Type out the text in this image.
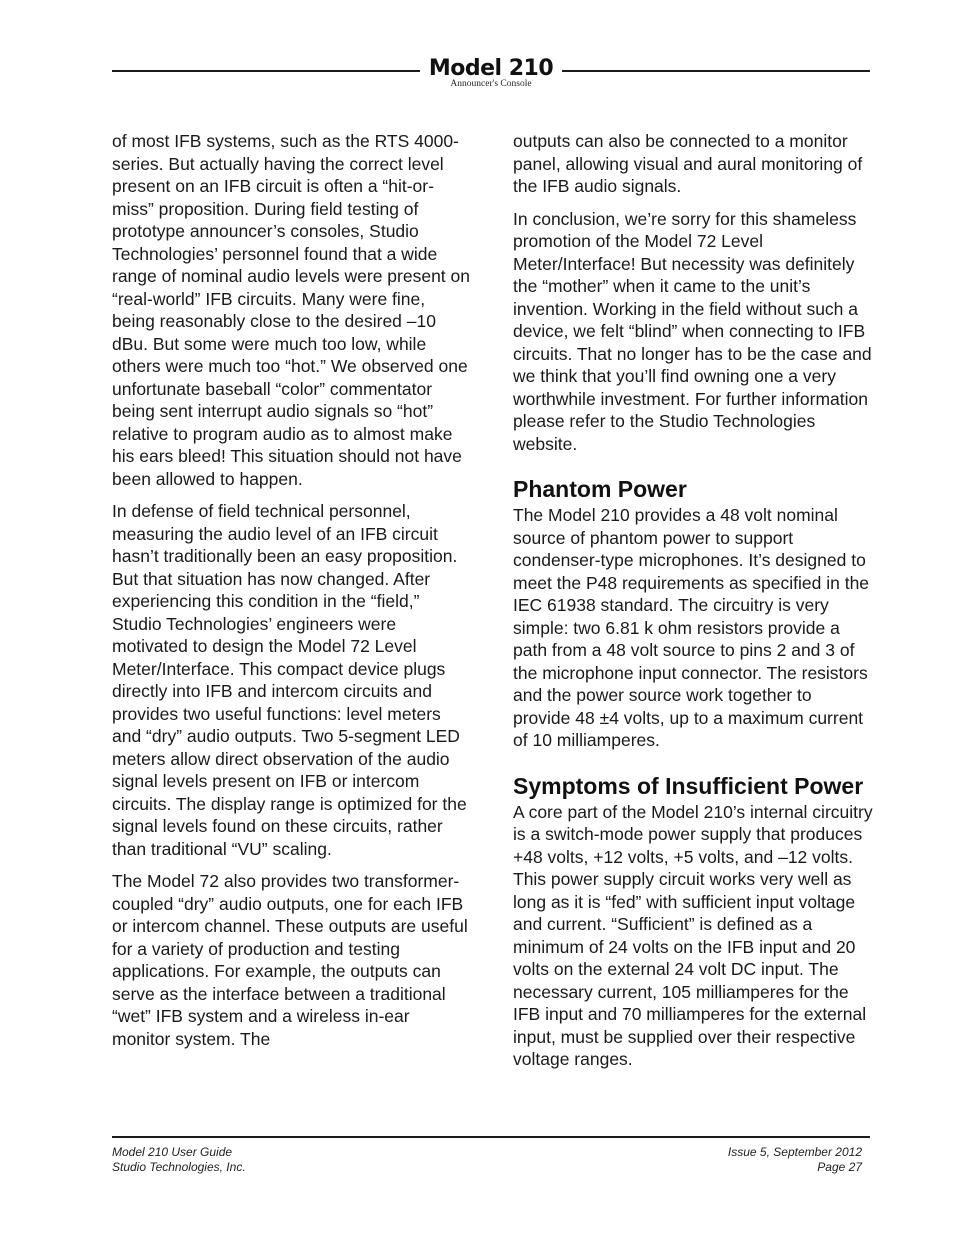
Model 210
Announcer's Console

of most IFB systems, such as the RTS 4000-series. But actually having the correct level present on an IFB circuit is often a “hit-or-miss” proposition. During field testing of prototype announcer’s consoles, Studio Technologies’ personnel found that a wide range of nominal audio levels were present on “real-world” IFB circuits. Many were fine, being reasonably close to the desired –10 dBu. But some were much too low, while others were much too “hot.” We observed one unfortunate baseball “color” commentator being sent interrupt audio signals so “hot” relative to program audio as to almost make his ears bleed! This situation should not have been allowed to happen.

In defense of field technical personnel, measuring the audio level of an IFB circuit hasn’t traditionally been an easy proposition. But that situation has now changed. After experiencing this condition in the “field,” Studio Technologies’ engineers were motivated to design the Model 72 Level Meter/Interface. This compact device plugs directly into IFB and intercom circuits and provides two useful functions: level meters and “dry” audio outputs. Two 5-segment LED meters allow direct observation of the audio signal levels present on IFB or intercom circuits. The display range is optimized for the signal levels found on these circuits, rather than traditional “VU” scaling.

The Model 72 also provides two transformer-coupled “dry” audio outputs, one for each IFB or intercom channel. These outputs are useful for a variety of production and testing applications. For example, the outputs can serve as the interface between a traditional “wet” IFB system and a wireless in-ear monitor system. The

outputs can also be connected to a monitor panel, allowing visual and aural monitoring of the IFB audio signals.

In conclusion, we’re sorry for this shameless promotion of the Model 72 Level Meter/Interface! But necessity was definitely the “mother” when it came to the unit’s invention. Working in the field without such a device, we felt “blind” when connecting to IFB circuits. That no longer has to be the case and we think that you’ll find owning one a very worthwhile investment. For further information please refer to the Studio Technologies website.

Phantom Power

The Model 210 provides a 48 volt nominal source of phantom power to support condenser-type microphones. It’s designed to meet the P48 requirements as specified in the IEC 61938 standard. The circuitry is very simple: two 6.81 k ohm resistors provide a path from a 48 volt source to pins 2 and 3 of the microphone input connector. The resistors and the power source work together to provide 48 ±4 volts, up to a maximum current of 10 milliamperes.

Symptoms of Insufficient Power

A core part of the Model 210’s internal circuitry is a switch-mode power supply that produces +48 volts, +12 volts, +5 volts, and –12 volts. This power supply circuit works very well as long as it is “fed” with sufficient input voltage and current. “Sufficient” is defined as a minimum of 24 volts on the IFB input and 20 volts on the external 24 volt DC input. The necessary current, 105 milliamperes for the IFB input and 70 milliamperes for the external input, must be supplied over their respective voltage ranges.

Model 210 User Guide
Studio Technologies, Inc.
Issue 5, September 2012
Page 27
